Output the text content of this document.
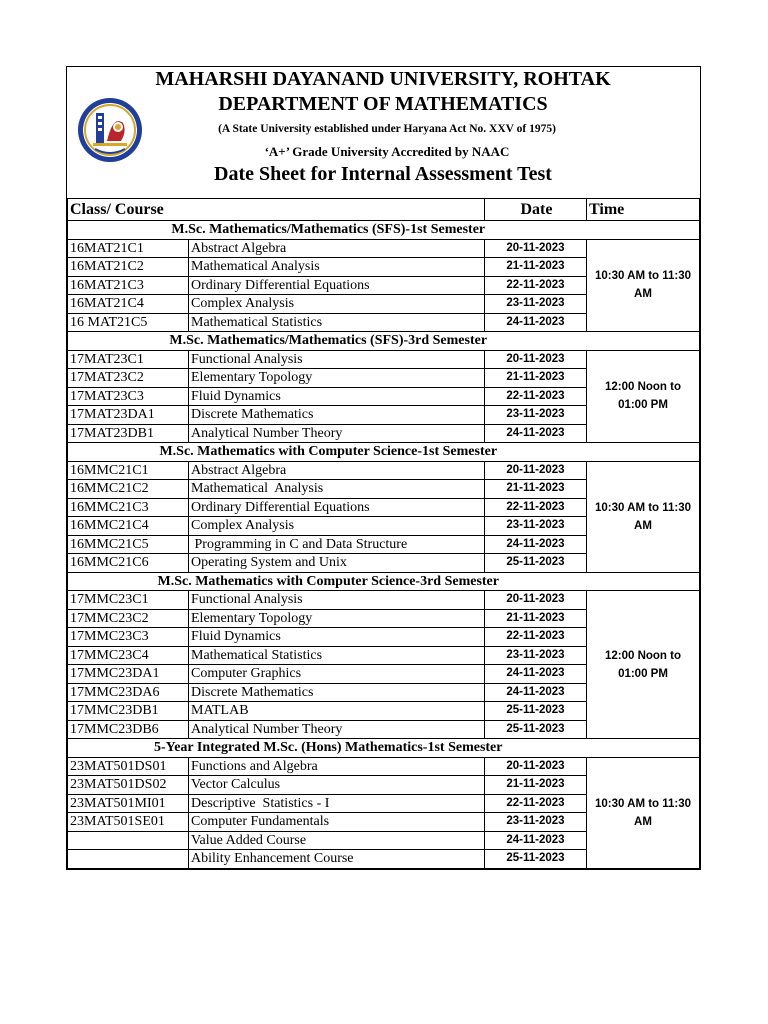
MAHARSHI DAYANAND UNIVERSITY, ROHTAK
DEPARTMENT OF MATHEMATICS
(A State University established under Haryana Act No. XXV of 1975)
‘A+’ Grade University Accredited by NAAC
Date Sheet for Internal Assessment Test
Class/ Course		Date	Time
M.Sc. Mathematics/Mathematics (SFS)-1st Semester			
16MAT21C1	Abstract Algebra	20-11-2023	10:30 AM to 11:30 AM
16MAT21C2	Mathematical Analysis	21-11-2023	
16MAT21C3	Ordinary Differential Equations	22-11-2023	
16MAT21C4	Complex Analysis	23-11-2023	
16 MAT21C5	Mathematical Statistics	24-11-2023	
M.Sc. Mathematics/Mathematics (SFS)-3rd Semester			
17MAT23C1	Functional Analysis	20-11-2023	12:00 Noon to 01:00 PM
17MAT23C2	Elementary Topology	21-11-2023	
17MAT23C3	Fluid Dynamics	22-11-2023	
17MAT23DA1	Discrete Mathematics	23-11-2023	
17MAT23DB1	Analytical Number Theory	24-11-2023	
M.Sc. Mathematics with Computer Science-1st Semester			
16MMC21C1	Abstract Algebra	20-11-2023	10:30 AM to 11:30 AM
16MMC21C2	Mathematical  Analysis	21-11-2023	
16MMC21C3	Ordinary Differential Equations	22-11-2023	
16MMC21C4	Complex Analysis	23-11-2023	
16MMC21C5	Programming in C and Data Structure	24-11-2023	
16MMC21C6	Operating System and Unix	25-11-2023	
M.Sc. Mathematics with Computer Science-3rd Semester			
17MMC23C1	Functional Analysis	20-11-2023	12:00 Noon to 01:00 PM
17MMC23C2	Elementary Topology	21-11-2023	
17MMC23C3	Fluid Dynamics	22-11-2023	
17MMC23C4	Mathematical Statistics	23-11-2023	
17MMC23DA1	Computer Graphics	24-11-2023	
17MMC23DA6	Discrete Mathematics	24-11-2023	
17MMC23DB1	MATLAB	25-11-2023	
17MMC23DB6	Analytical Number Theory	25-11-2023	
5-Year Integrated M.Sc. (Hons) Mathematics-1st Semester			
23MAT501DS01	Functions and Algebra	20-11-2023	10:30 AM to 11:30 AM
23MAT501DS02	Vector Calculus	21-11-2023	
23MAT501MI01	Descriptive  Statistics - I	22-11-2023	
23MAT501SE01	Computer Fundamentals	23-11-2023	
	Value Added Course	24-11-2023	
	Ability Enhancement Course	25-11-2023	
